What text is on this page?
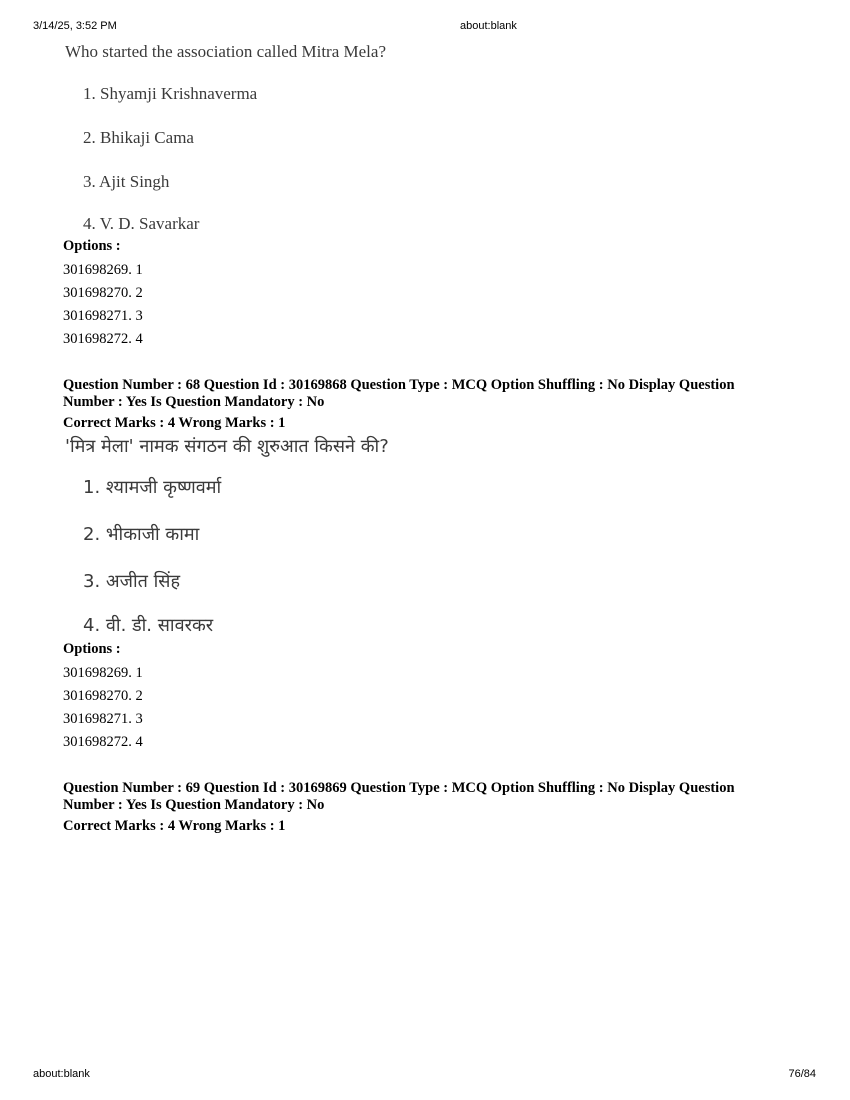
3/14/25, 3:52 PM	about:blank
Who started the association called Mitra Mela?
1. Shyamji Krishnaverma
2. Bhikaji Cama
3. Ajit Singh
4. V. D. Savarkar
Options :
301698269. 1
301698270. 2
301698271. 3
301698272. 4
Question Number : 68 Question Id : 30169868 Question Type : MCQ Option Shuffling : No Display Question
Number : Yes Is Question Mandatory : No
Correct Marks : 4 Wrong Marks : 1
'मित्र मेला' नामक संगठन की शुरुआत किसने की?
1. श्यामजी कृष्णवर्मा
2. भीकाजी कामा
3. अजीत सिंह
4. वी. डी. सावरकर
Options :
301698269. 1
301698270. 2
301698271. 3
301698272. 4
Question Number : 69 Question Id : 30169869 Question Type : MCQ Option Shuffling : No Display Question
Number : Yes Is Question Mandatory : No
Correct Marks : 4 Wrong Marks : 1
about:blank	76/84
